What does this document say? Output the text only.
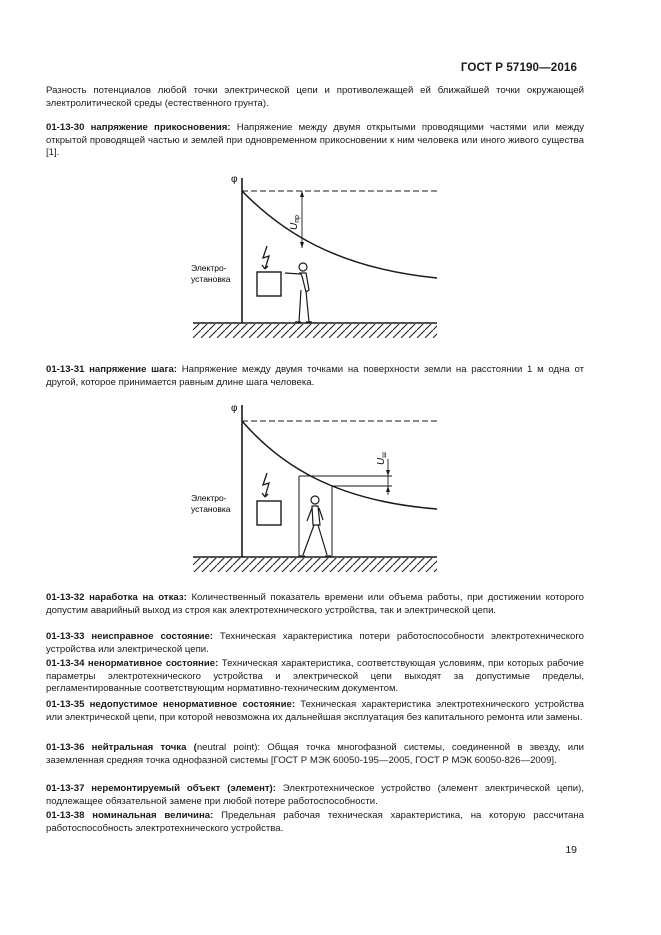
ГОСТ Р 57190—2016

Разность потенциалов любой точки электрической цепи и противолежащей ей ближайшей точки окружающей электролитической среды (естественного грунта).

01-13-30 напряжение прикосновения: Напряжение между двумя открытыми проводящими частями или между открытой проводящей частью и землей при одновременном прикосновении к ним человека или иного живого существа [1].

φ
$U_{пр}$
Электро-
установка

01-13-31 напряжение шага: Напряжение между двумя точками на поверхности земли на расстоянии 1 м одна от другой, которое принимается равным длине шага человека.

φ
$U_ш$
Электро-
установка

01-13-32 наработка на отказ: Количественный показатель времени или объема работы, при достижении которого допустим аварийный выход из строя как электротехнического устройства, так и электрической цепи.

01-13-33 неисправное состояние: Техническая характеристика потери работоспособности электротехнического устройства или электрической цепи.

01-13-34 ненормативное состояние: Техническая характеристика, соответствующая условиям, при которых рабочие параметры электротехнического устройства и электрической цепи выходят за допустимые пределы, регламентированные соответствующим нормативно-техническим документом.

01-13-35 недопустимое ненормативное состояние: Техническая характеристика электротехнического устройства или электрической цепи, при которой невозможна их дальнейшая эксплуатация без капитального ремонта или замены.

01-13-36 нейтральная точка (neutral point): Общая точка многофазной системы, соединенной в звезду, или заземленная средняя точка однофазной системы [ГОСТ Р МЭК 60050-195—2005, ГОСТ Р МЭК 60050-826—2009].

01-13-37 неремонтируемый объект (элемент): Электротехническое устройство (элемент электрической цепи), подлежащее обязательной замене при любой потере работоспособности.

01-13-38 номинальная величина: Предельная рабочая техническая характеристика, на которую рассчитана работоспособность электротехнического устройства.

19
